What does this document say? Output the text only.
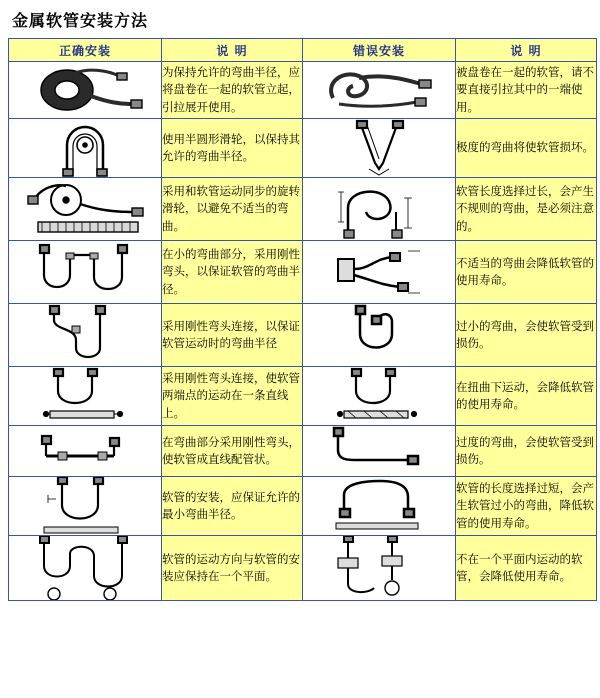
金属软管安装方法
正确安装	说 明	错误安装	说 明

	为保持允许的弯曲半径，应将盘卷在一起的软管立起，引拉展开使用。		被盘卷在一起的软管，请不要直接引拉其中的一端使用。

	使用半圆形滑轮，以保持其允许的弯曲半径。		极度的弯曲将使软管损坏。

	采用和软管运动同步的旋转滑轮，以避免不适当的弯曲。		软管长度选择过长，会产生不规则的弯曲，是必须注意的。

	在小的弯曲部分，采用刚性弯头，以保证软管的弯曲半径。		不适当的弯曲会降低软管的使用寿命。

	采用刚性弯头连接，以保证软管运动时的弯曲半径		过小的弯曲，会使软管受到损伤。

	采用刚性弯头连接，使软管两端点的运动在一条直线上。		在扭曲下运动，会降低软管的使用寿命。

	在弯曲部分采用刚性弯头，使软管成直线配管状。		过度的弯曲，会使软管受到损伤。

	软管的安装，应保证允许的最小弯曲半径。		软管的长度选择过短，会产生软管过小的弯曲，降低软管的使用寿命。

	软管的运动方向与软管的安装应保持在一个平面。		不在一个平面内运动的软管，会降低使用寿命。
